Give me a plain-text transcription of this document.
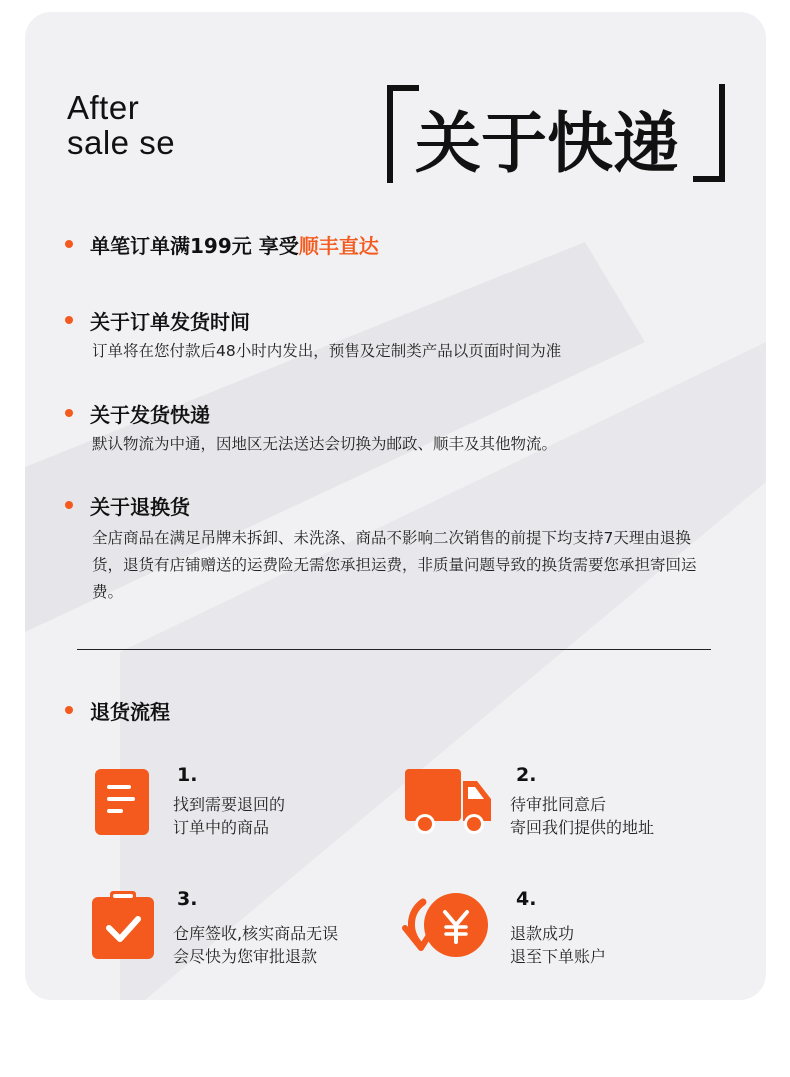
After
sale se	关于快递
单笔订单满199元 享受顺丰直达
关于订单发货时间
订单将在您付款后48小时内发出，预售及定制类产品以页面时间为准
关于发货快递
默认物流为中通，因地区无法送达会切换为邮政、顺丰及其他物流。
关于退换货
全店商品在满足吊牌未拆卸、未洗涤、商品不影响二次销售的前提下均支持7天理由退换货，退货有店铺赠送的运费险无需您承担运费，非质量问题导致的换货需要您承担寄回运费。
退货流程
1.
找到需要退回的
订单中的商品
2.
待审批同意后
寄回我们提供的地址
3.
仓库签收,核实商品无误
会尽快为您审批退款
4.
退款成功
退至下单账户
